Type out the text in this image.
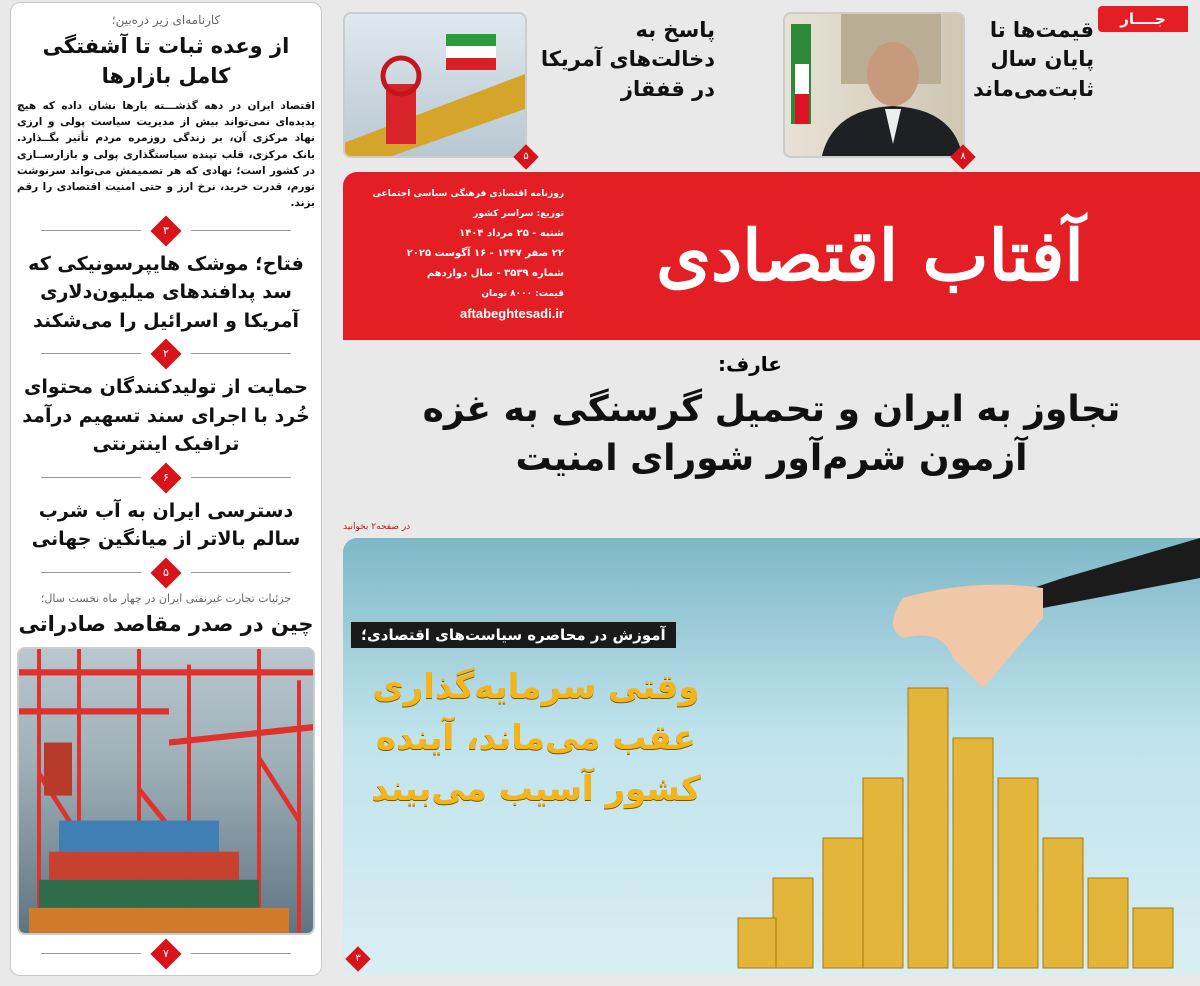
کارنامه‌ای زیر ذره‌بین؛
از وعده ثبات تا آشفتگی کامل بازارها
اقتصاد ایران در دهه گذشـــته بارها نشان داده که هیچ پدیده‌ای نمی‌تواند بیش از مدیریت سیاست پولی و ارزی نهاد مرکزی آن، بر زندگی روزمره مردم تأثیر بگــذارد. بانک مرکزی، قلب تپنده سیاستگذاری پولی و بازارســازی در کشور است؛ نهادی که هر تصمیمش می‌تواند سرنوشت تورم، قدرت خرید، نرخ ارز و حتی امنیت اقتصادی را رقم بزند.
۳
فتاح؛ موشک هایپرسونیکی که سد پدافندهای میلیون‌دلاری آمریکا و اسرائیل را می‌شکند
۲
حمایت از تولیدکنندگان محتوای خُرد با اجرای سند تسهیم درآمد ترافیک اینترنتی
۶
دسترسی ایران به آب شرب سالم بالاتر از میانگین جهانی
۵
جزئیات تجارت غیرنفتی ایران در چهار ماه نخست سال؛
چین در صدر مقاصد صادراتی
۷
جــــار
قیمت‌ها تا پایان سال ثابت‌می‌ماند
۸
پاسخ به دخالت‌های آمریکا در قفقاز
۵
آفتاب اقتصادی
روزنامه اقتصادی فرهنگی سیاسی اجتماعی
توزیع: سراسر کشور
شنبه - ۲۵ مرداد ۱۴۰۴
۲۲ صفر ۱۴۴۷ - ۱۶ آگوست ۲۰۲۵
شماره ۳۵۳۹ - سال دوازدهم
قیمت: ۸۰۰۰ تومان
aftabeghtesadi.ir
عارف:
تجاوز به ایران و تحمیل گرسنگی به غزه
آزمون شرم‌آور شورای امنیت
در صفحه۲ بخوانید
آموزش در محاصره سیاست‌های اقتصادی؛
وقتی سرمایه‌گذاری عقب می‌ماند، آینده کشور آسیب می‌بیند
۳
